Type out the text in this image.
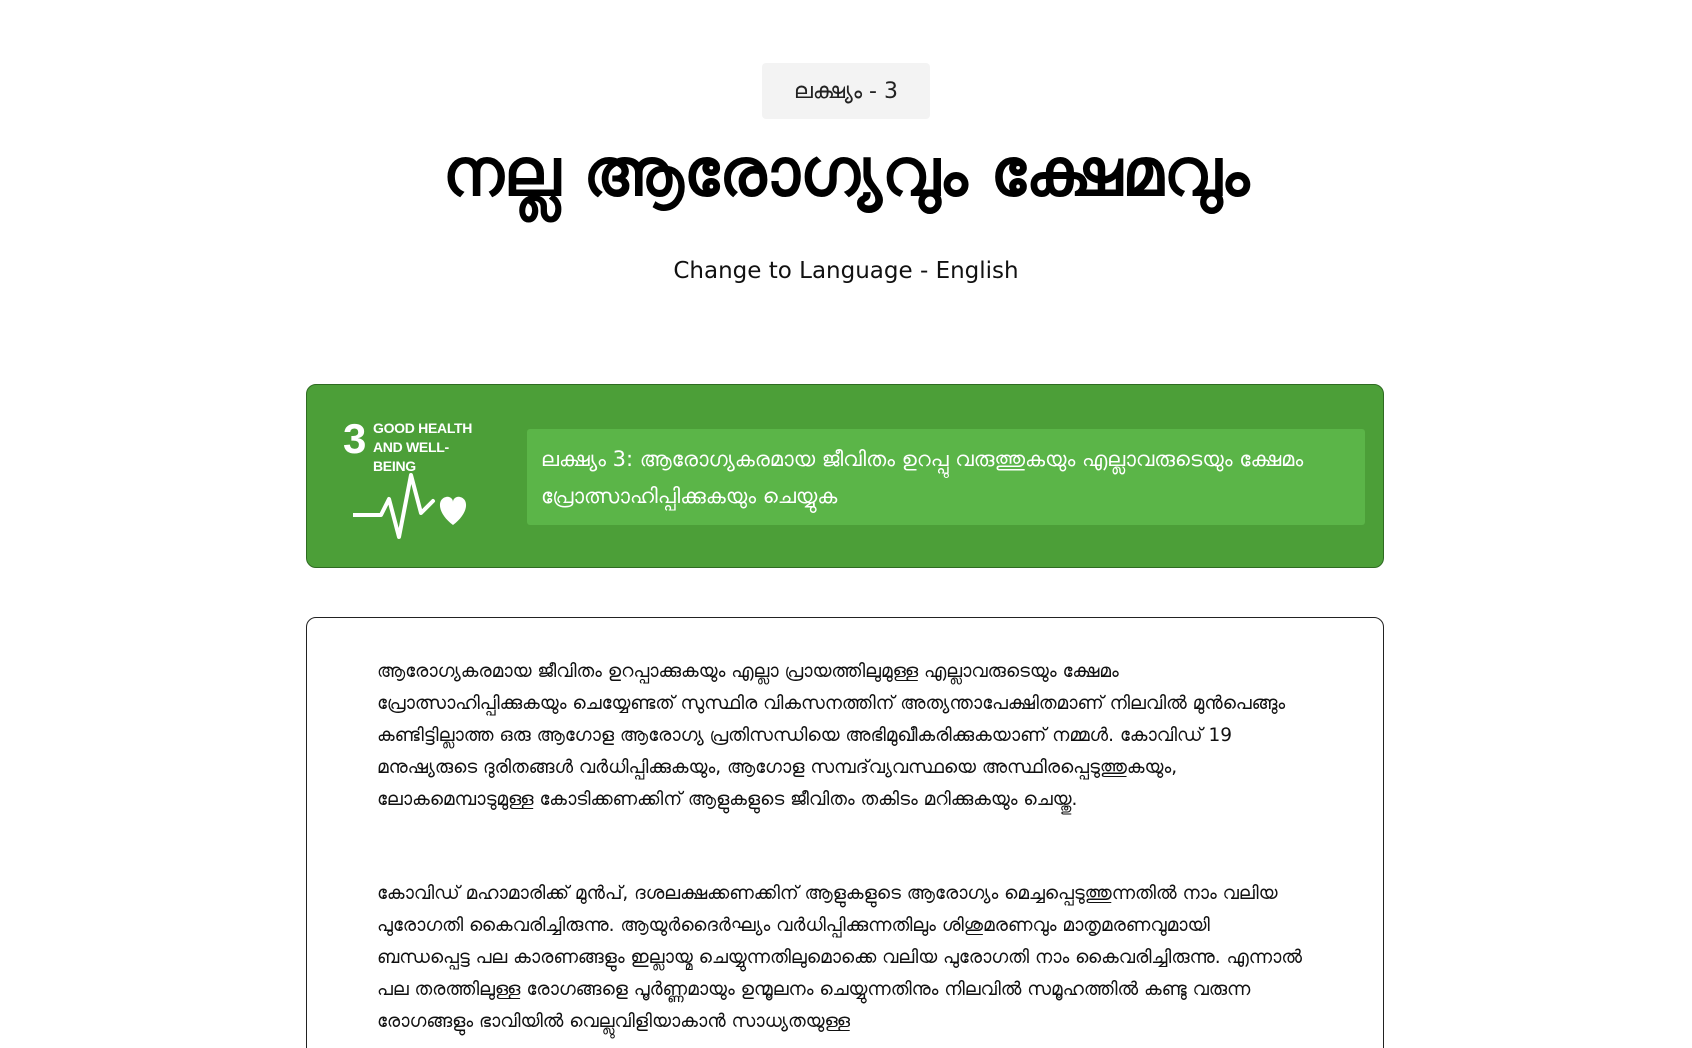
ലക്ഷ്യം - 3
നല്ല ആരോഗ്യവും ക്ഷേമവും
Change to Language - English
3 GOOD HEALTH
AND WELL-BEING	ലക്ഷ്യം 3: ആരോഗ്യകരമായ ജീവിതം ഉറപ്പു വരുത്തുകയും എല്ലാവരുടെയും ക്ഷേമം പ്രോത്സാഹിപ്പിക്കുകയും ചെയ്യുക

ആരോഗ്യകരമായ ജീവിതം ഉറപ്പാക്കുകയും എല്ലാ പ്രായത്തിലുമുള്ള എല്ലാവരുടെയും ക്ഷേമം പ്രോത്സാഹിപ്പിക്കുകയും ചെയ്യേണ്ടത് സുസ്ഥിര വികസനത്തിന് അത്യന്താപേക്ഷിതമാണ് നിലവിൽ മുൻപെങ്ങും കണ്ടിട്ടില്ലാത്ത ഒരു ആഗോള ആരോഗ്യ പ്രതിസന്ധിയെ അഭിമുഖീകരിക്കുകയാണ് നമ്മൾ. കോവിഡ് 19 മനുഷ്യരുടെ ദുരിതങ്ങൾ വർധിപ്പിക്കുകയും, ആഗോള സമ്പദ്‌വ്യവസ്ഥയെ അസ്ഥിരപ്പെടുത്തുകയും, ലോകമെമ്പാടുമുള്ള കോടിക്കണക്കിന് ആളുകളുടെ ജീവിതം തകിടം മറിക്കുകയും ചെയ്തു.

കോവിഡ് മഹാമാരിക്ക് മുൻപ്, ദശലക്ഷക്കണക്കിന് ആളുകളുടെ ആരോഗ്യം മെച്ചപ്പെടുത്തുന്നതിൽ നാം വലിയ പുരോഗതി കൈവരിച്ചിരുന്നു. ആയുർദൈർഘ്യം വർധിപ്പിക്കുന്നതിലും ശിശുമരണവും മാതൃമരണവുമായി ബന്ധപ്പെട്ട പല കാരണങ്ങളും ഇല്ലായ്മ ചെയ്യുന്നതിലുമൊക്കെ വലിയ പുരോഗതി നാം കൈവരിച്ചിരുന്നു. എന്നാൽ പല തരത്തിലുള്ള രോഗങ്ങളെ പൂർണ്ണമായും ഉന്മൂലനം ചെയ്യുന്നതിനും നിലവിൽ സമൂഹത്തിൽ കണ്ടു വരുന്ന രോഗങ്ങളും ഭാവിയിൽ വെല്ലുവിളിയാകാൻ സാധ്യതയുള്ള
